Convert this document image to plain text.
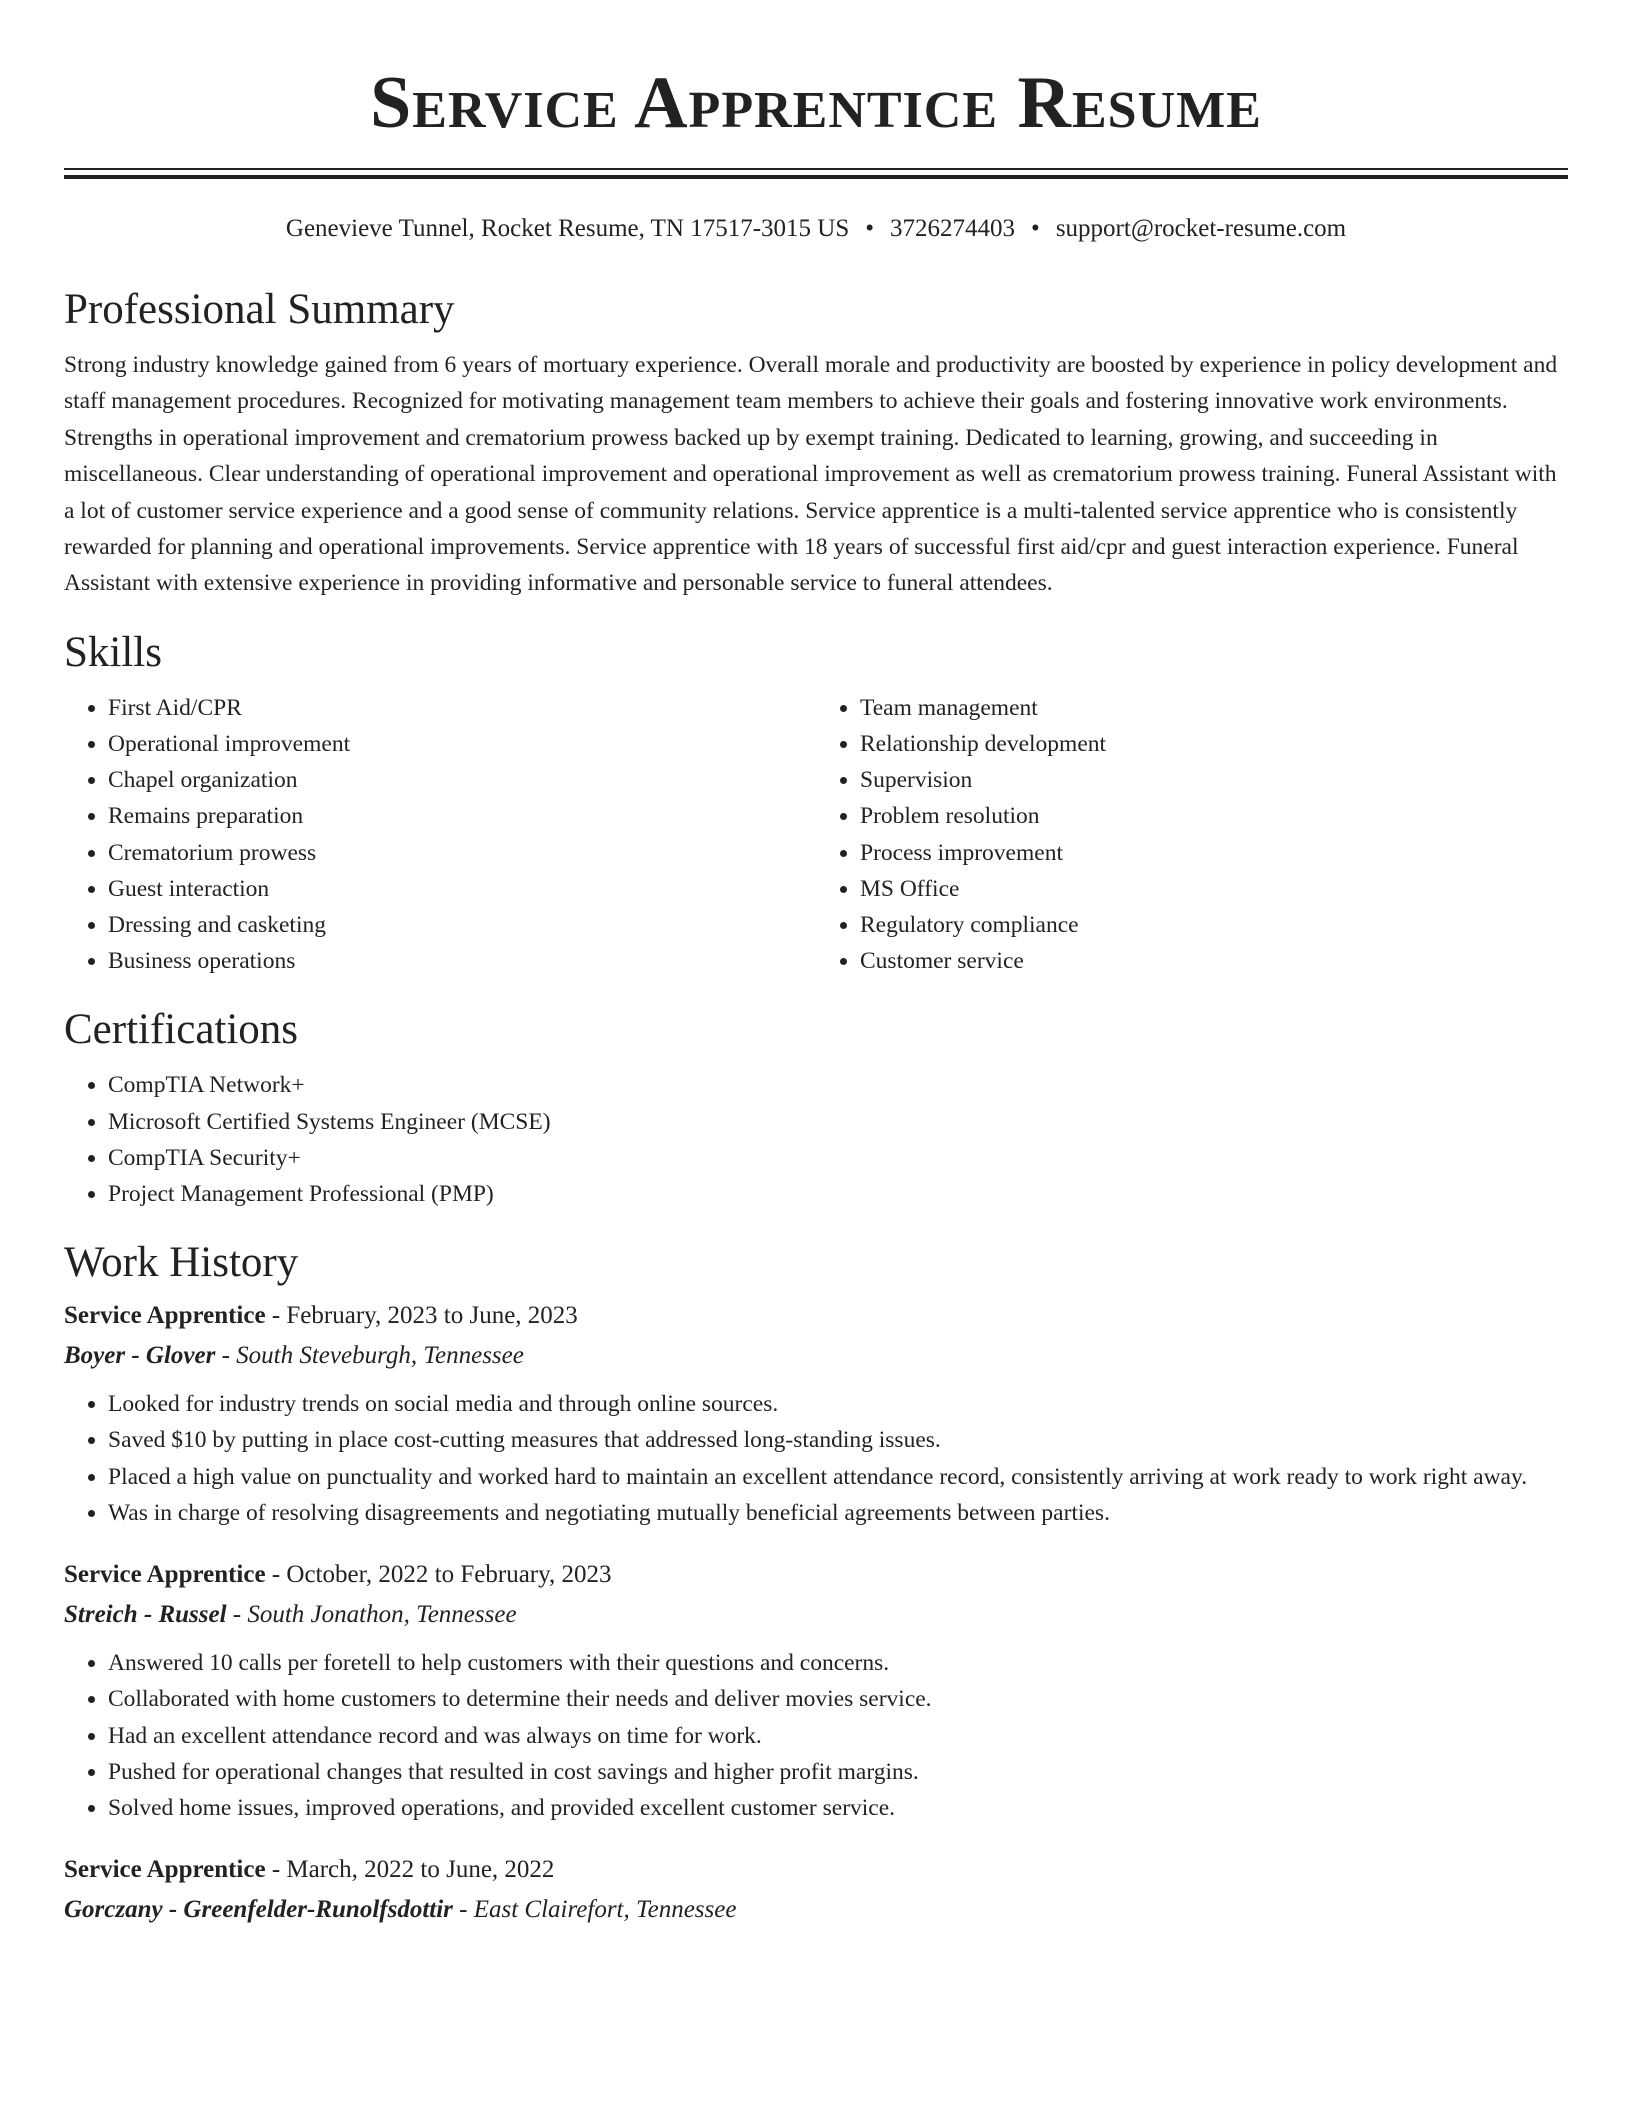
Service Apprentice Resume
Genevieve Tunnel, Rocket Resume, TN 17517-3015 US • 3726274403 • support@rocket-resume.com
Professional Summary

Strong industry knowledge gained from 6 years of mortuary experience. Overall morale and productivity are boosted by experience in policy development and staff management procedures. Recognized for motivating management team members to achieve their goals and fostering innovative work environments. Strengths in operational improvement and crematorium prowess backed up by exempt training. Dedicated to learning, growing, and succeeding in miscellaneous. Clear understanding of operational improvement and operational improvement as well as crematorium prowess training. Funeral Assistant with a lot of customer service experience and a good sense of community relations. Service apprentice is a multi-talented service apprentice who is consistently rewarded for planning and operational improvements. Service apprentice with 18 years of successful first aid/cpr and guest interaction experience. Funeral Assistant with extensive experience in providing informative and personable service to funeral attendees.

Skills
• First Aid/CPR
• Operational improvement
• Chapel organization
• Remains preparation
• Crematorium prowess
• Guest interaction
• Dressing and casketing
• Business operations
• Team management
• Relationship development
• Supervision
• Problem resolution
• Process improvement
• MS Office
• Regulatory compliance
• Customer service
Certifications
• CompTIA Network+
• Microsoft Certified Systems Engineer (MCSE)
• CompTIA Security+
• Project Management Professional (PMP)
Work History
Service Apprentice - February, 2023 to June, 2023
Boyer - Glover - South Steveburgh, Tennessee
• Looked for industry trends on social media and through online sources.
• Saved $10 by putting in place cost-cutting measures that addressed long-standing issues.
• Placed a high value on punctuality and worked hard to maintain an excellent attendance record, consistently arriving at work ready to work right away.
• Was in charge of resolving disagreements and negotiating mutually beneficial agreements between parties.
Service Apprentice - October, 2022 to February, 2023
Streich - Russel - South Jonathon, Tennessee
• Answered 10 calls per foretell to help customers with their questions and concerns.
• Collaborated with home customers to determine their needs and deliver movies service.
• Had an excellent attendance record and was always on time for work.
• Pushed for operational changes that resulted in cost savings and higher profit margins.
• Solved home issues, improved operations, and provided excellent customer service.
Service Apprentice - March, 2022 to June, 2022
Gorczany - Greenfelder-Runolfsdottir - East Clairefort, Tennessee
